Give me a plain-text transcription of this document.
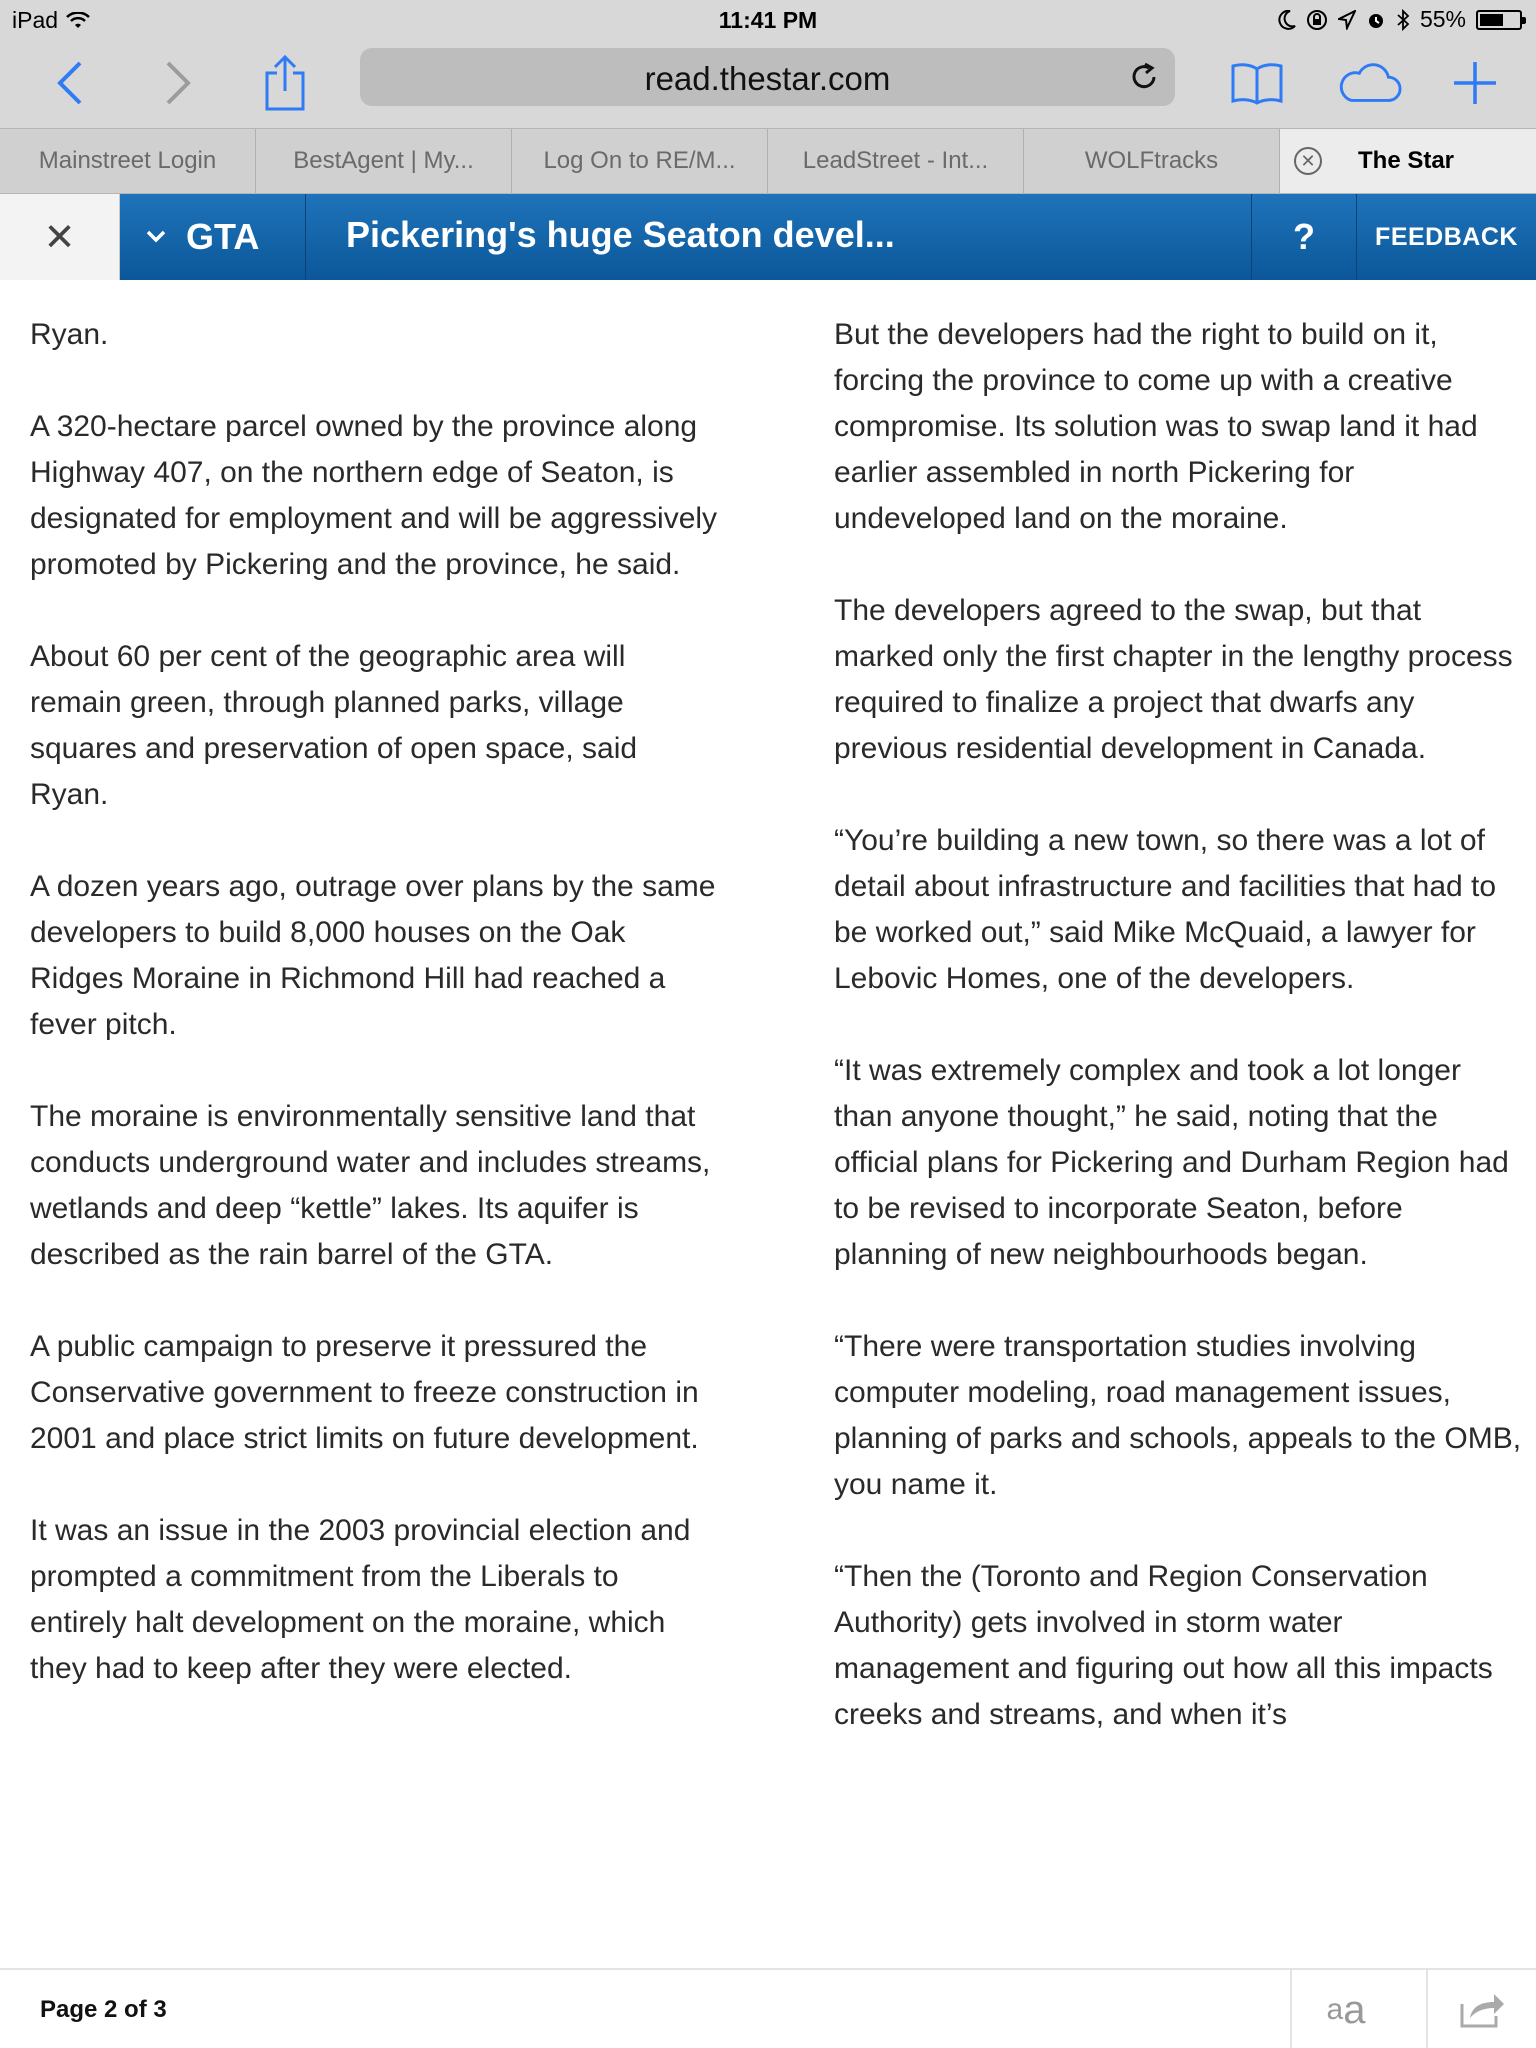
iPad	11:41 PM	55%
read.thestar.com
Mainstreet Login	BestAgent | My...	Log On to RE/M...	LeadStreet - Int...	WOLFtracks	✕ The Star
✕	GTA Pickering's huge Seaton devel...	?	FEEDBACK

Ryan.

A 320-hectare parcel owned by the province along Highway 407, on the northern edge of Seaton, is designated for employment and will be aggressively promoted by Pickering and the province, he said.

About 60 per cent of the geographic area will remain green, through planned parks, village squares and preservation of open space, said Ryan.

A dozen years ago, outrage over plans by the same developers to build 8,000 houses on the Oak Ridges Moraine in Richmond Hill had reached a fever pitch.

The moraine is environmentally sensitive land that conducts underground water and includes streams, wetlands and deep “kettle” lakes. Its aquifer is described as the rain barrel of the GTA.

A public campaign to preserve it pressured the Conservative government to freeze construction in 2001 and place strict limits on future development.

It was an issue in the 2003 provincial election and prompted a commitment from the Liberals to entirely halt development on the moraine, which they had to keep after they were elected.

But the developers had the right to build on it, forcing the province to come up with a creative compromise. Its solution was to swap land it had earlier assembled in north Pickering for undeveloped land on the moraine.

The developers agreed to the swap, but that marked only the first chapter in the lengthy process required to finalize a project that dwarfs any previous residential development in Canada.

“You’re building a new town, so there was a lot of detail about infrastructure and facilities that had to be worked out,” said Mike McQuaid, a lawyer for Lebovic Homes, one of the developers.

“It was extremely complex and took a lot longer than anyone thought,” he said, noting that the official plans for Pickering and Durham Region had to be revised to incorporate Seaton, before planning of new neighbourhoods began.

“There were transportation studies involving computer modeling, road management issues, planning of parks and schools, appeals to the OMB, you name it.

“Then the (Toronto and Region Conservation Authority) gets involved in storm water management and figuring out how all this impacts creeks and streams, and when it’s

Page 2 of 3	a a
